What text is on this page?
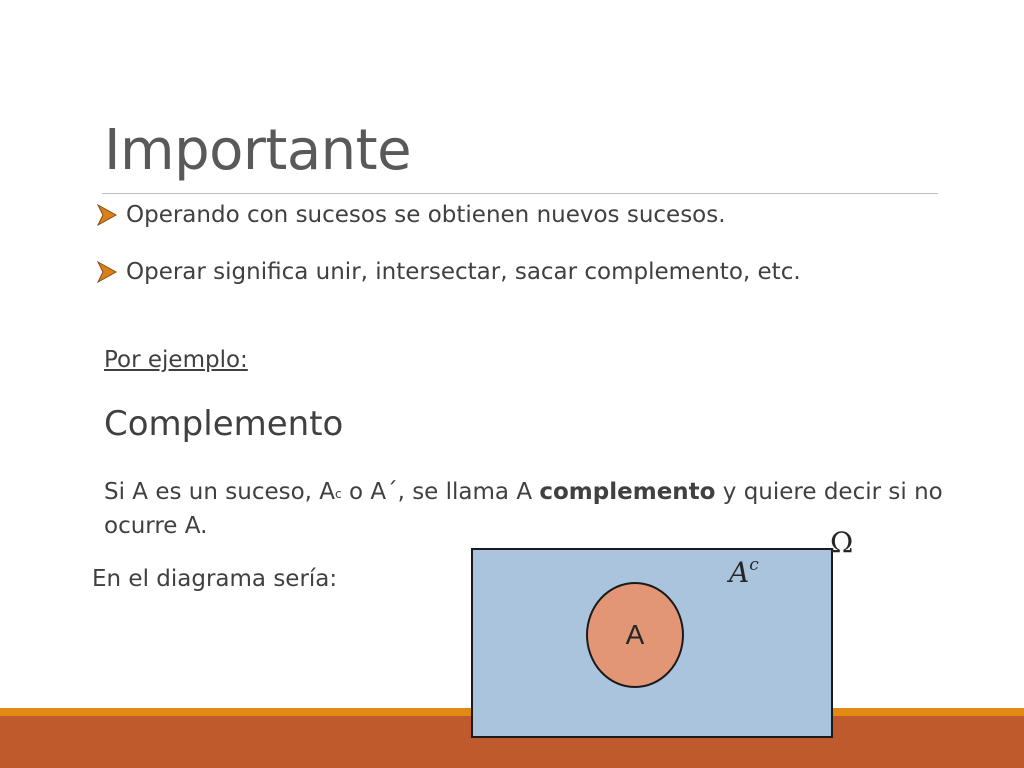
Importante
Operando con sucesos se obtienen nuevos sucesos.
Operar significa unir, intersectar, sacar complemento, etc.
Por ejemplo:
Complemento
Si A es un suceso, $A^c$ o A´, se llama A complemento y quiere decir si no ocurre A.
En el diagrama sería:
Ω
$A^c$
A
